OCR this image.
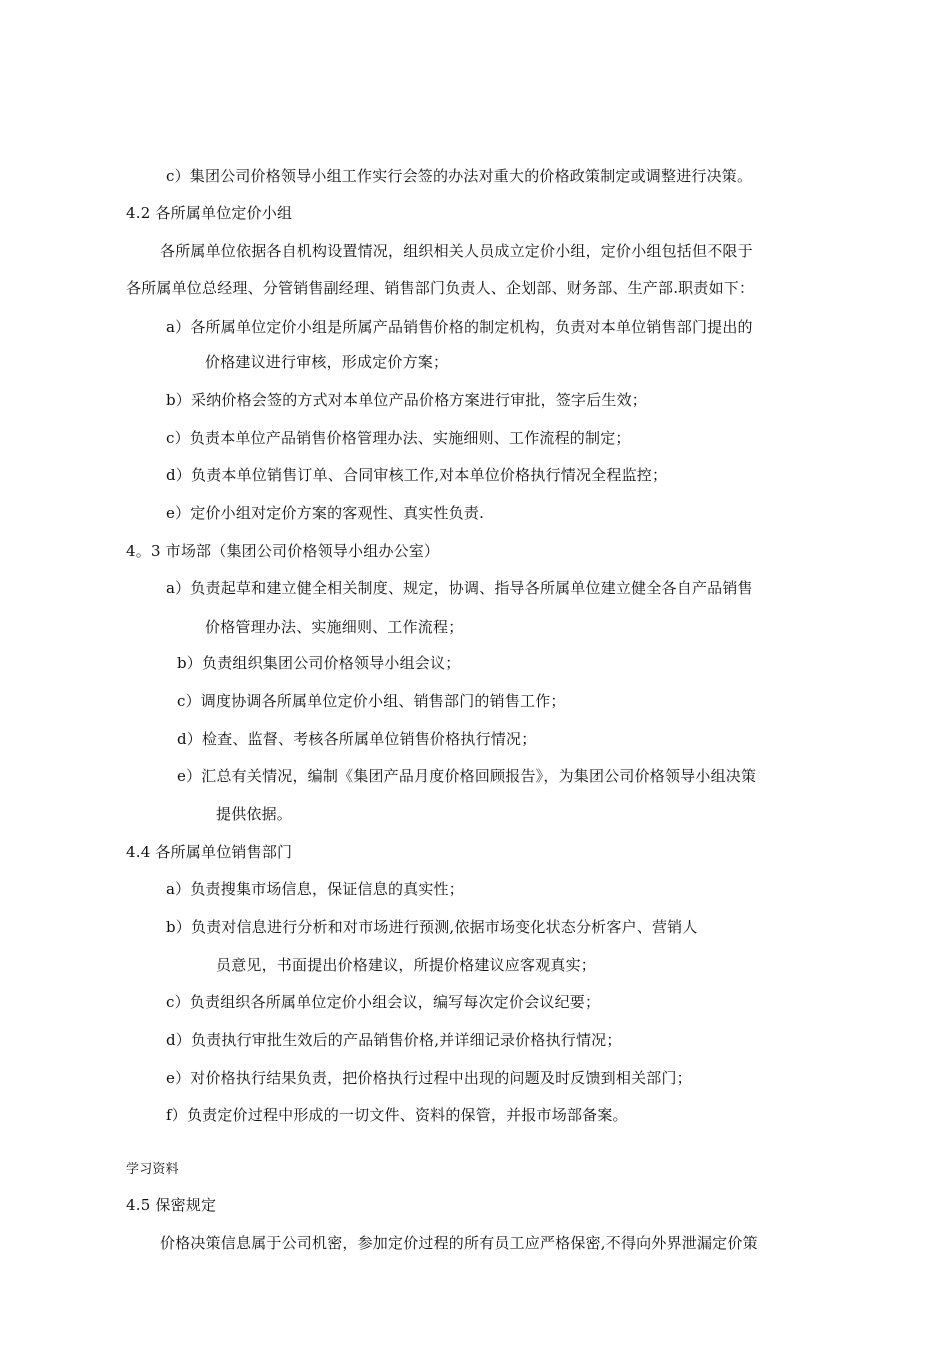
c）集团公司价格领导小组工作实行会签的办法对重大的价格政策制定或调整进行决策。
4.2 各所属单位定价小组
各所属单位依据各自机构设置情况，组织相关人员成立定价小组，定价小组包括但不限于
各所属单位总经理、分管销售副经理、销售部门负责人、企划部、财务部、生产部.职责如下：
a）各所属单位定价小组是所属产品销售价格的制定机构，负责对本单位销售部门提出的
价格建议进行审核，形成定价方案；
b）采纳价格会签的方式对本单位产品价格方案进行审批，签字后生效；
c）负责本单位产品销售价格管理办法、实施细则、工作流程的制定；
d）负责本单位销售订单、合同审核工作,对本单位价格执行情况全程监控；
e）定价小组对定价方案的客观性、真实性负责.
4。3 市场部（集团公司价格领导小组办公室）
a）负责起草和建立健全相关制度、规定，协调、指导各所属单位建立健全各自产品销售
价格管理办法、实施细则、工作流程；
b）负责组织集团公司价格领导小组会议；
c）调度协调各所属单位定价小组、销售部门的销售工作；
d）检查、监督、考核各所属单位销售价格执行情况；
e）汇总有关情况，编制《集团产品月度价格回顾报告》，为集团公司价格领导小组决策
提供依据。
4.4 各所属单位销售部门
a）负责搜集市场信息，保证信息的真实性；
b）负责对信息进行分析和对市场进行预测,依据市场变化状态分析客户、营销人
员意见，书面提出价格建议，所提价格建议应客观真实；
c）负责组织各所属单位定价小组会议，编写每次定价会议纪要；
d）负责执行审批生效后的产品销售价格,并详细记录价格执行情况；
e）对价格执行结果负责，把价格执行过程中出现的问题及时反馈到相关部门；
f）负责定价过程中形成的一切文件、资料的保管，并报市场部备案。
学习资料
4.5 保密规定
价格决策信息属于公司机密，参加定价过程的所有员工应严格保密,不得向外界泄漏定价策
